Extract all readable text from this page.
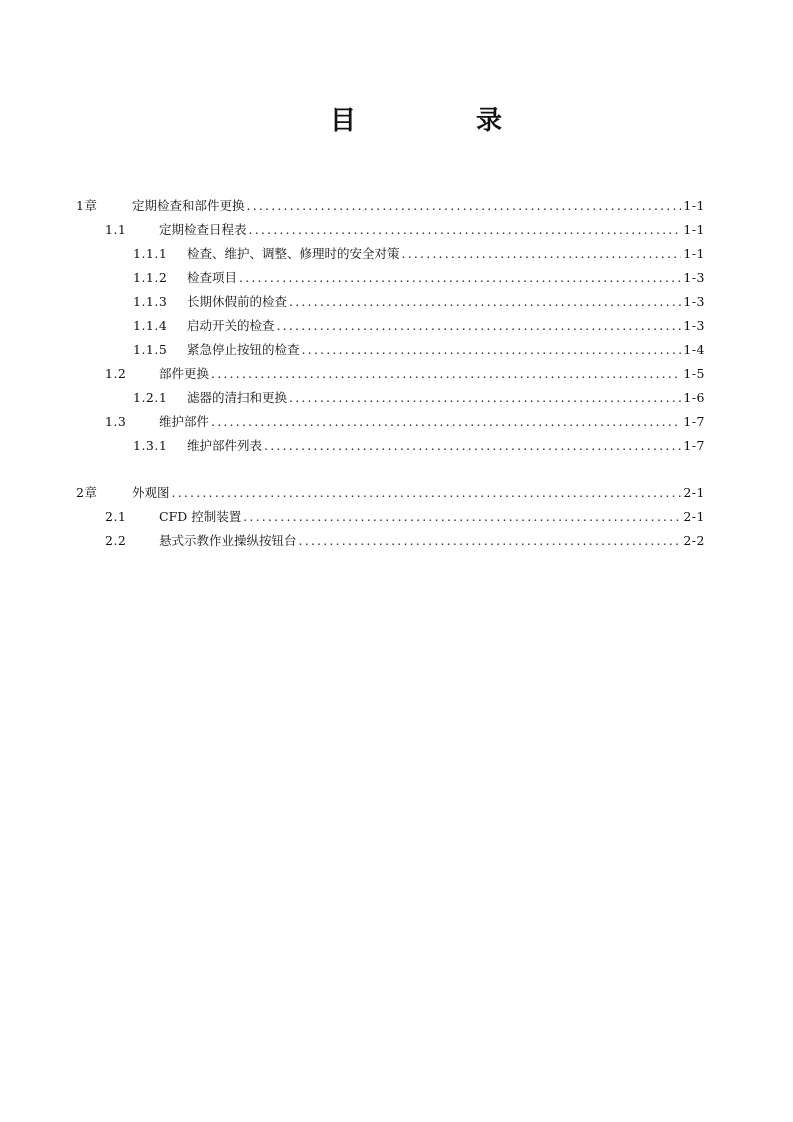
目	录
1章	定期检查和部件更换 .....	1-1
1.1	定期检查日程表 .....	1-1
1.1.1	检查、维护、调整、修理时的安全对策 .....	1-1
1.1.2	检查项目 .....	1-3
1.1.3	长期休假前的检查 .....	1-3
1.1.4	启动开关的检查 .....	1-3
1.1.5	紧急停止按钮的检查 .....	1-4
1.2	部件更换 .....	1-5
1.2.1	滤器的清扫和更换 .....	1-6
1.3	维护部件 .....	1-7
1.3.1	维护部件列表 .....	1-7
2章	外观图 .....	2-1
2.1	CFD 控制装置 .....	2-1
2.2	悬式示教作业操纵按钮台 .....	2-2
